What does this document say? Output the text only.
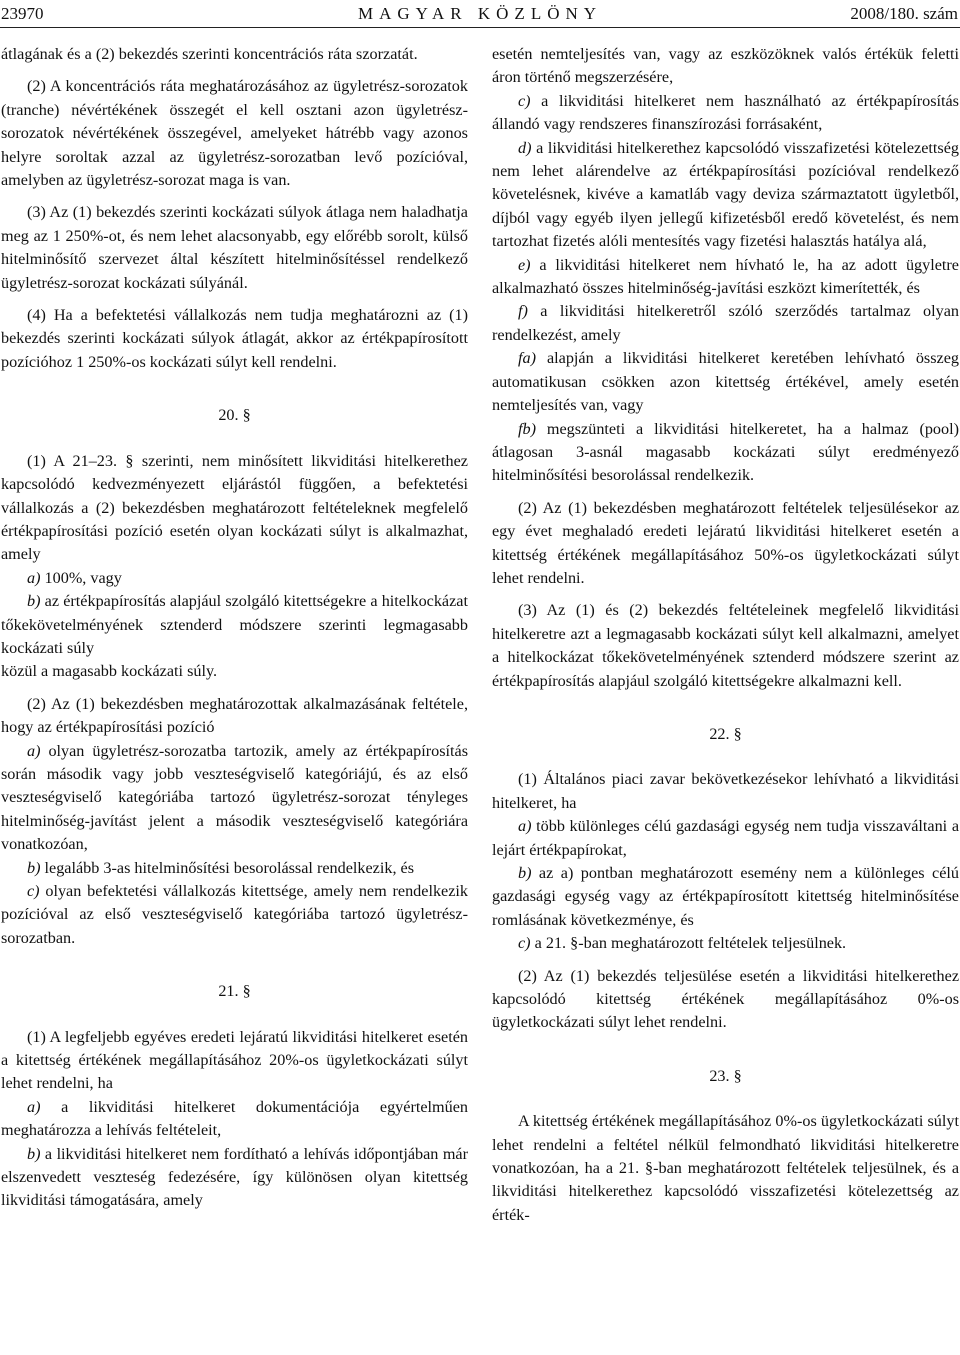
23970	MAGYAR KÖZLÖNY	2008/180. szám

átlagának és a (2) bekezdés szerinti koncentrációs ráta szorzatát.

(2) A koncentrációs ráta meghatározásához az ügyletrész-sorozatok (tranche) névértékének összegét el kell osztani azon ügyletrész-sorozatok névértékének összegével, amelyeket hátrébb vagy azonos helyre soroltak azzal az ügyletrész-sorozatban levő pozícióval, amelyben az ügyletrész-sorozat maga is van.

(3) Az (1) bekezdés szerinti kockázati súlyok átlaga nem haladhatja meg az 1 250%-ot, és nem lehet alacsonyabb, egy előrébb sorolt, külső hitelminősítő szervezet által készített hitelminősítéssel rendelkező ügyletrész-sorozat kockázati súlyánál.

(4) Ha a befektetési vállalkozás nem tudja meghatározni az (1) bekezdés szerinti kockázati súlyok átlagát, akkor az értékpapírosított pozícióhoz 1 250%-os kockázati súlyt kell rendelni.

20. §

(1) A 21–23. § szerinti, nem minősített likviditási hitelkerethez kapcsolódó kedvezményezett eljárástól függően, a befektetési vállalkozás a (2) bekezdésben meghatározott feltételeknek megfelelő értékpapírosítási pozíció esetén olyan kockázati súlyt is alkalmazhat, amely

a) 100%, vagy

b) az értékpapírosítás alapjául szolgáló kitettségekre a hitelkockázat tőkekövetelményének sztenderd módszere szerinti legmagasabb kockázati súly

közül a magasabb kockázati súly.

(2) Az (1) bekezdésben meghatározottak alkalmazásának feltétele, hogy az értékpapírosítási pozíció

a) olyan ügyletrész-sorozatba tartozik, amely az értékpapírosítás során második vagy jobb veszteségviselő kategóriájú, és az első veszteségviselő kategóriába tartozó ügyletrész-sorozat tényleges hitelminőség-javítást jelent a második veszteségviselő kategóriára vonatkozóan,

b) legalább 3-as hitelminősítési besorolással rendelkezik, és

c) olyan befektetési vállalkozás kitettsége, amely nem rendelkezik pozícióval az első veszteségviselő kategóriába tartozó ügyletrész-sorozatban.

21. §

(1) A legfeljebb egyéves eredeti lejáratú likviditási hitelkeret esetén a kitettség értékének megállapításához 20%-os ügyletkockázati súlyt lehet rendelni, ha

a) a likviditási hitelkeret dokumentációja egyértelműen meghatározza a lehívás feltételeit,

b) a likviditási hitelkeret nem fordítható a lehívás időpontjában már elszenvedett veszteség fedezésére, így különösen olyan kitettség likviditási támogatására, amely

esetén nemteljesítés van, vagy az eszközöknek valós értékük feletti áron történő megszerzésére,

c) a likviditási hitelkeret nem használható az értékpapírosítás állandó vagy rendszeres finanszírozási forrásaként,

d) a likviditási hitelkerethez kapcsolódó visszafizetési kötelezettség nem lehet alárendelve az értékpapírosítási pozícióval rendelkező követelésnek, kivéve a kamatláb vagy deviza származtatott ügyletből, díjból vagy egyéb ilyen jellegű kifizetésből eredő követelést, és nem tartozhat fizetés alóli mentesítés vagy fizetési halasztás hatálya alá,

e) a likviditási hitelkeret nem hívható le, ha az adott ügyletre alkalmazható összes hitelminőség-javítási eszközt kimerítették, és

f) a likviditási hitelkeretről szóló szerződés tartalmaz olyan rendelkezést, amely

fa) alapján a likviditási hitelkeret keretében lehívható összeg automatikusan csökken azon kitettség értékével, amely esetén nemteljesítés van, vagy

fb) megszünteti a likviditási hitelkeretet, ha a halmaz (pool) átlagosan 3-asnál magasabb kockázati súlyt eredményező hitelminősítési besorolással rendelkezik.

(2) Az (1) bekezdésben meghatározott feltételek teljesülésekor az egy évet meghaladó eredeti lejáratú likviditási hitelkeret esetén a kitettség értékének megállapításához 50%-os ügyletkockázati súlyt lehet rendelni.

(3) Az (1) és (2) bekezdés feltételeinek megfelelő likviditási hitelkeretre azt a legmagasabb kockázati súlyt kell alkalmazni, amelyet a hitelkockázat tőkekövetelményének sztenderd módszere szerint az értékpapírosítás alapjául szolgáló kitettségekre alkalmazni kell.

22. §

(1) Általános piaci zavar bekövetkezésekor lehívható a likviditási hitelkeret, ha

a) több különleges célú gazdasági egység nem tudja visszaváltani a lejárt értékpapírokat,

b) az a) pontban meghatározott esemény nem a különleges célú gazdasági egység vagy az értékpapírosított kitettség hitelminősítése romlásának következménye, és

c) a 21. §-ban meghatározott feltételek teljesülnek.

(2) Az (1) bekezdés teljesülése esetén a likviditási hitelkerethez kapcsolódó kitettség értékének megállapításához 0%-os ügyletkockázati súlyt lehet rendelni.

23. §

A kitettség értékének megállapításához 0%-os ügyletkockázati súlyt lehet rendelni a feltétel nélkül felmondható likviditási hitelkeretre vonatkozóan, ha a 21. §-ban meghatározott feltételek teljesülnek, és a likviditási hitelkerethez kapcsolódó visszafizetési kötelezettség az érték-
